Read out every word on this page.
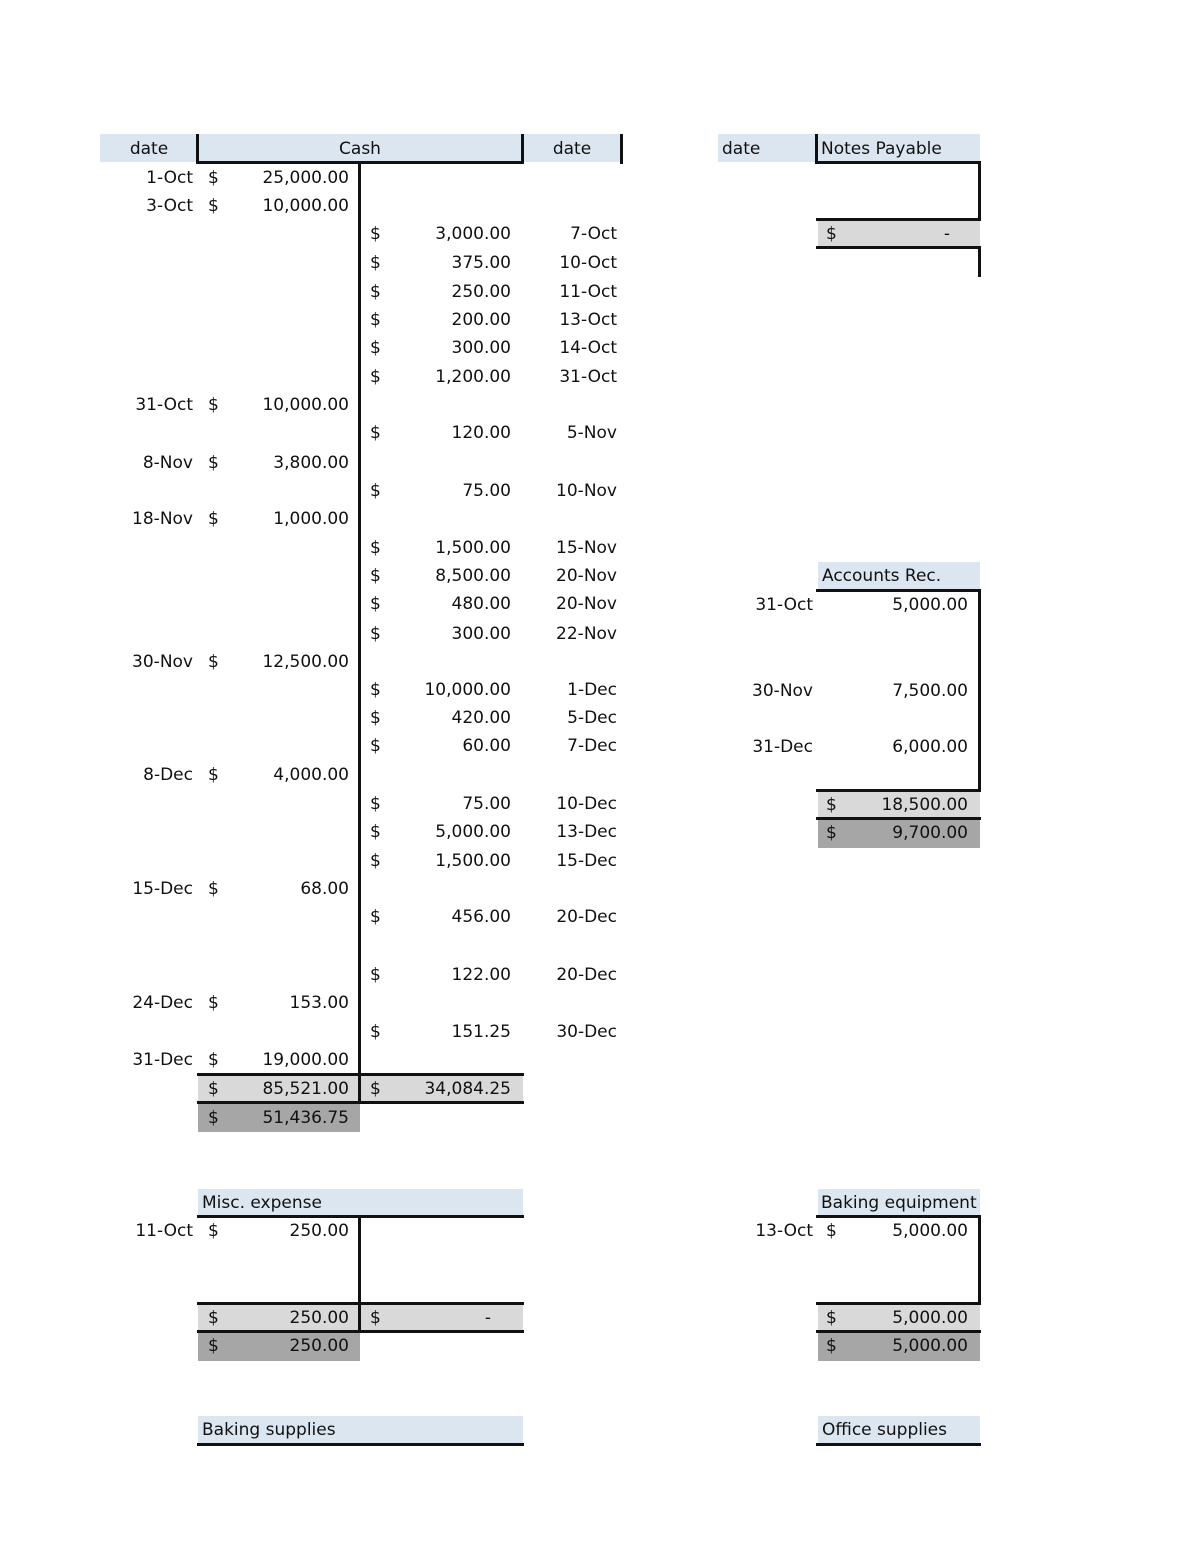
date	Cash	date
1-Oct $	25,000.00
3-Oct $	10,000.00
$	3,000.00	7-Oct
$	375.00	10-Oct
$	250.00	11-Oct
$	200.00	13-Oct
$	300.00	14-Oct
$	1,200.00	31-Oct
31-Oct $	10,000.00
$	120.00	5-Nov
8-Nov $	3,800.00
$	75.00	10-Nov
18-Nov $	1,000.00
$	1,500.00	15-Nov
$	8,500.00	20-Nov
$	480.00	20-Nov
$	300.00	22-Nov
30-Nov $	12,500.00
$	10,000.00	1-Dec
$	420.00	5-Dec
$	60.00	7-Dec
8-Dec $	4,000.00
$	75.00	10-Dec
$	5,000.00	13-Dec
$	1,500.00	15-Dec
15-Dec $	68.00
$	456.00	20-Dec
$	122.00	20-Dec
24-Dec $	153.00
$	151.25	30-Dec
31-Dec $	19,000.00
$	85,521.00 $	34,084.25
$	51,436.75
date	Notes Payable
$	-
Accounts Rec.
31-Oct	5,000.00
30-Nov	7,500.00
31-Dec	6,000.00
$	18,500.00
$	9,700.00
Misc. expense
11-Oct $	250.00
$	250.00 $	-
$	250.00
Baking equipment
13-Oct $	5,000.00
$	5,000.00
$	5,000.00
Baking supplies	Office supplies
